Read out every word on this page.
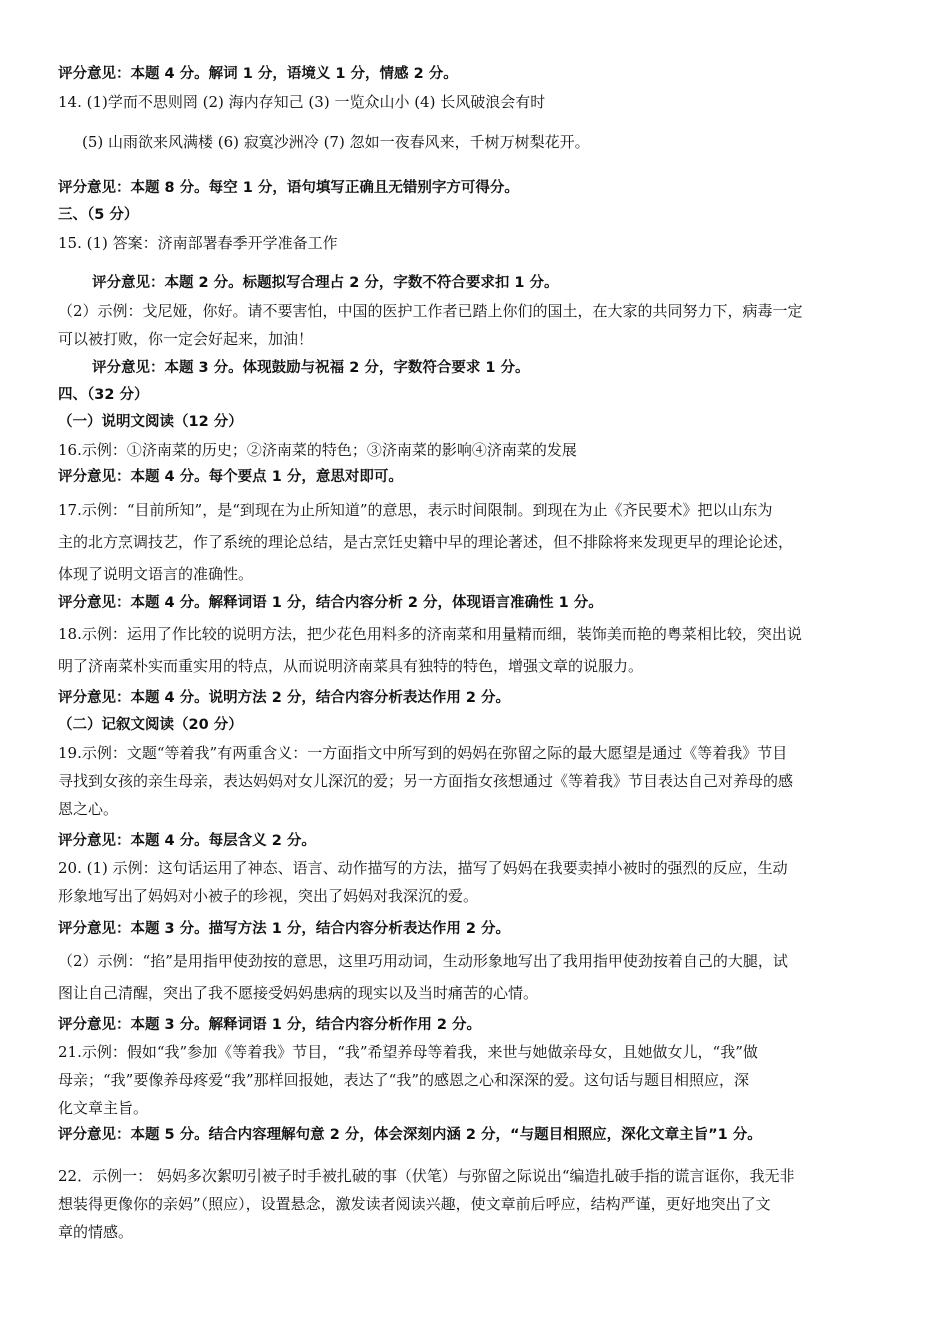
评分意见：本题 4 分。解词 1 分，语境义 1 分，情感 2 分。
14. (1)学而不思则罔 (2) 海内存知己 (3) 一览众山小 (4) 长风破浪会有时
(5) 山雨欲来风满楼 (6) 寂寞沙洲冷 (7) 忽如一夜春风来，千树万树梨花开。
评分意见：本题 8 分。每空 1 分，语句填写正确且无错别字方可得分。
三、（5 分）
15. (1) 答案：济南部署春季开学准备工作
评分意见：本题 2 分。标题拟写合理占 2 分，字数不符合要求扣 1 分。
（2）示例：戈尼娅，你好。请不要害怕，中国的医护工作者已踏上你们的国土，在大家的共同努力下，病毒一定
可以被打败，你一定会好起来，加油！
评分意见：本题 3 分。体现鼓励与祝福 2 分，字数符合要求 1 分。
四、（32 分）
（一）说明文阅读（12 分）
16.示例：①济南菜的历史；②济南菜的特色；③济南菜的影响④济南菜的发展
评分意见：本题 4 分。每个要点 1 分，意思对即可。
17.示例：“目前所知”，是“到现在为止所知道”的意思，表示时间限制。到现在为止《齐民要术》把以山东为
主的北方烹调技艺，作了系统的理论总结，是古烹饪史籍中早的理论著述，但不排除将来发现更早的理论论述，
体现了说明文语言的准确性。
评分意见：本题 4 分。解释词语 1 分，结合内容分析 2 分，体现语言准确性 1 分。
18.示例：运用了作比较的说明方法，把少花色用料多的济南菜和用量精而细，装饰美而艳的粤菜相比较，突出说
明了济南菜朴实而重实用的特点，从而说明济南菜具有独特的特色，增强文章的说服力。
评分意见：本题 4 分。说明方法 2 分，结合内容分析表达作用 2 分。
（二）记叙文阅读（20 分）
19.示例：文题“等着我”有两重含义：一方面指文中所写到的妈妈在弥留之际的最大愿望是通过《等着我》节目
寻找到女孩的亲生母亲，表达妈妈对女儿深沉的爱；另一方面指女孩想通过《等着我》节目表达自己对养母的感
恩之心。
评分意见：本题 4 分。每层含义 2 分。
20. (1) 示例：这句话运用了神态、语言、动作描写的方法，描写了妈妈在我要卖掉小被时的强烈的反应，生动
形象地写出了妈妈对小被子的珍视，突出了妈妈对我深沉的爱。
评分意见：本题 3 分。描写方法 1 分，结合内容分析表达作用 2 分。
（2）示例：“掐”是用指甲使劲按的意思，这里巧用动词，生动形象地写出了我用指甲使劲按着自己的大腿，试
图让自己清醒，突出了我不愿接受妈妈患病的现实以及当时痛苦的心情。
评分意见：本题 3 分。解释词语 1 分，结合内容分析作用 2 分。
21.示例：假如“我”参加《等着我》节目，“我”希望养母等着我，来世与她做亲母女，且她做女儿，“我”做
母亲；“我”要像养母疼爱“我”那样回报她，表达了“我”的感恩之心和深深的爱。这句话与题目相照应，深
化文章主旨。
评分意见：本题 5 分。结合内容理解句意 2 分，体会深刻内涵 2 分，“与题目相照应，深化文章主旨”1 分。
22．示例一： 妈妈多次絮叨引被子时手被扎破的事（伏笔）与弥留之际说出“编造扎破手指的谎言诓你，我无非
想装得更像你的亲妈”（照应），设置悬念，激发读者阅读兴趣，使文章前后呼应，结构严谨，更好地突出了文
章的情感。
